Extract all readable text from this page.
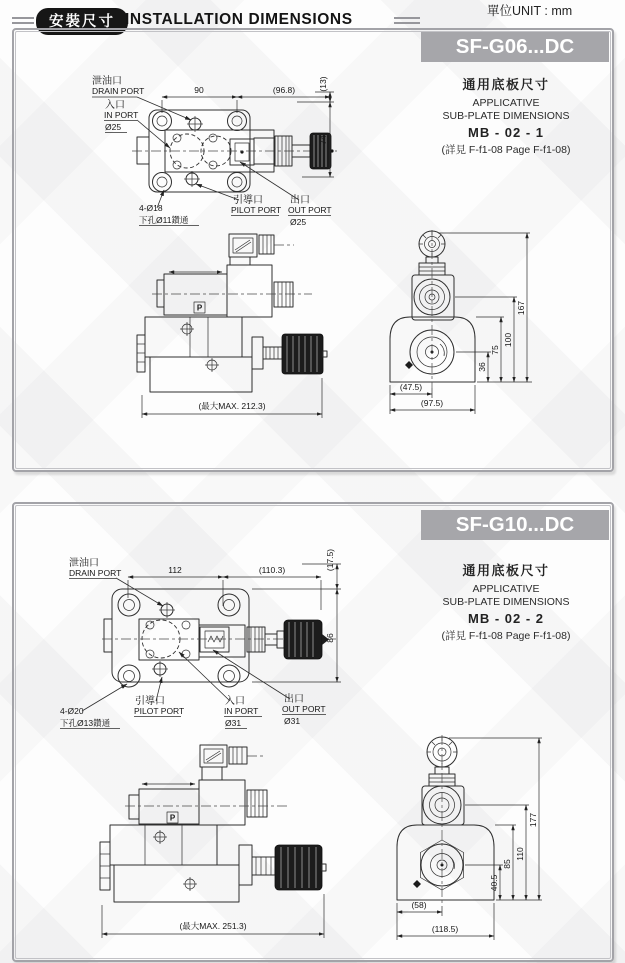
單位UNIT : mm
安裝尺寸 INSTALLATION DIMENSIONS
SF-G06...DC
通用底板尺寸
APPLICATIVE
SUB-PLATE DIMENSIONS
MB - 02 - 1
(詳見 F-f1-08 Page F-f1-08)
90	(96.8)	(13)
74
泄油口
DRAIN PORT
入口
IN PORT
Ø25
4-Ø18
下孔Ø11鑽通
引導口
PILOT PORT
出口
OUT PORT
Ø25
P
(最大MAX. 212.3)
(47.5)
(97.5)
36
75
100
167
SF-G10...DC
通用底板尺寸
APPLICATIVE
SUB-PLATE DIMENSIONS
MB - 02 - 2
(詳見 F-f1-08 Page F-f1-08)
112	(110.3)	(17.5)
86
泄油口
DRAIN PORT
4-Ø20
下孔Ø13鑽通
引導口
PILOT PORT
入口
IN PORT
Ø31
出口
OUT PORT
Ø31
P
(最大MAX. 251.3)
(58)
(118.5)
40.5
85
110
177
